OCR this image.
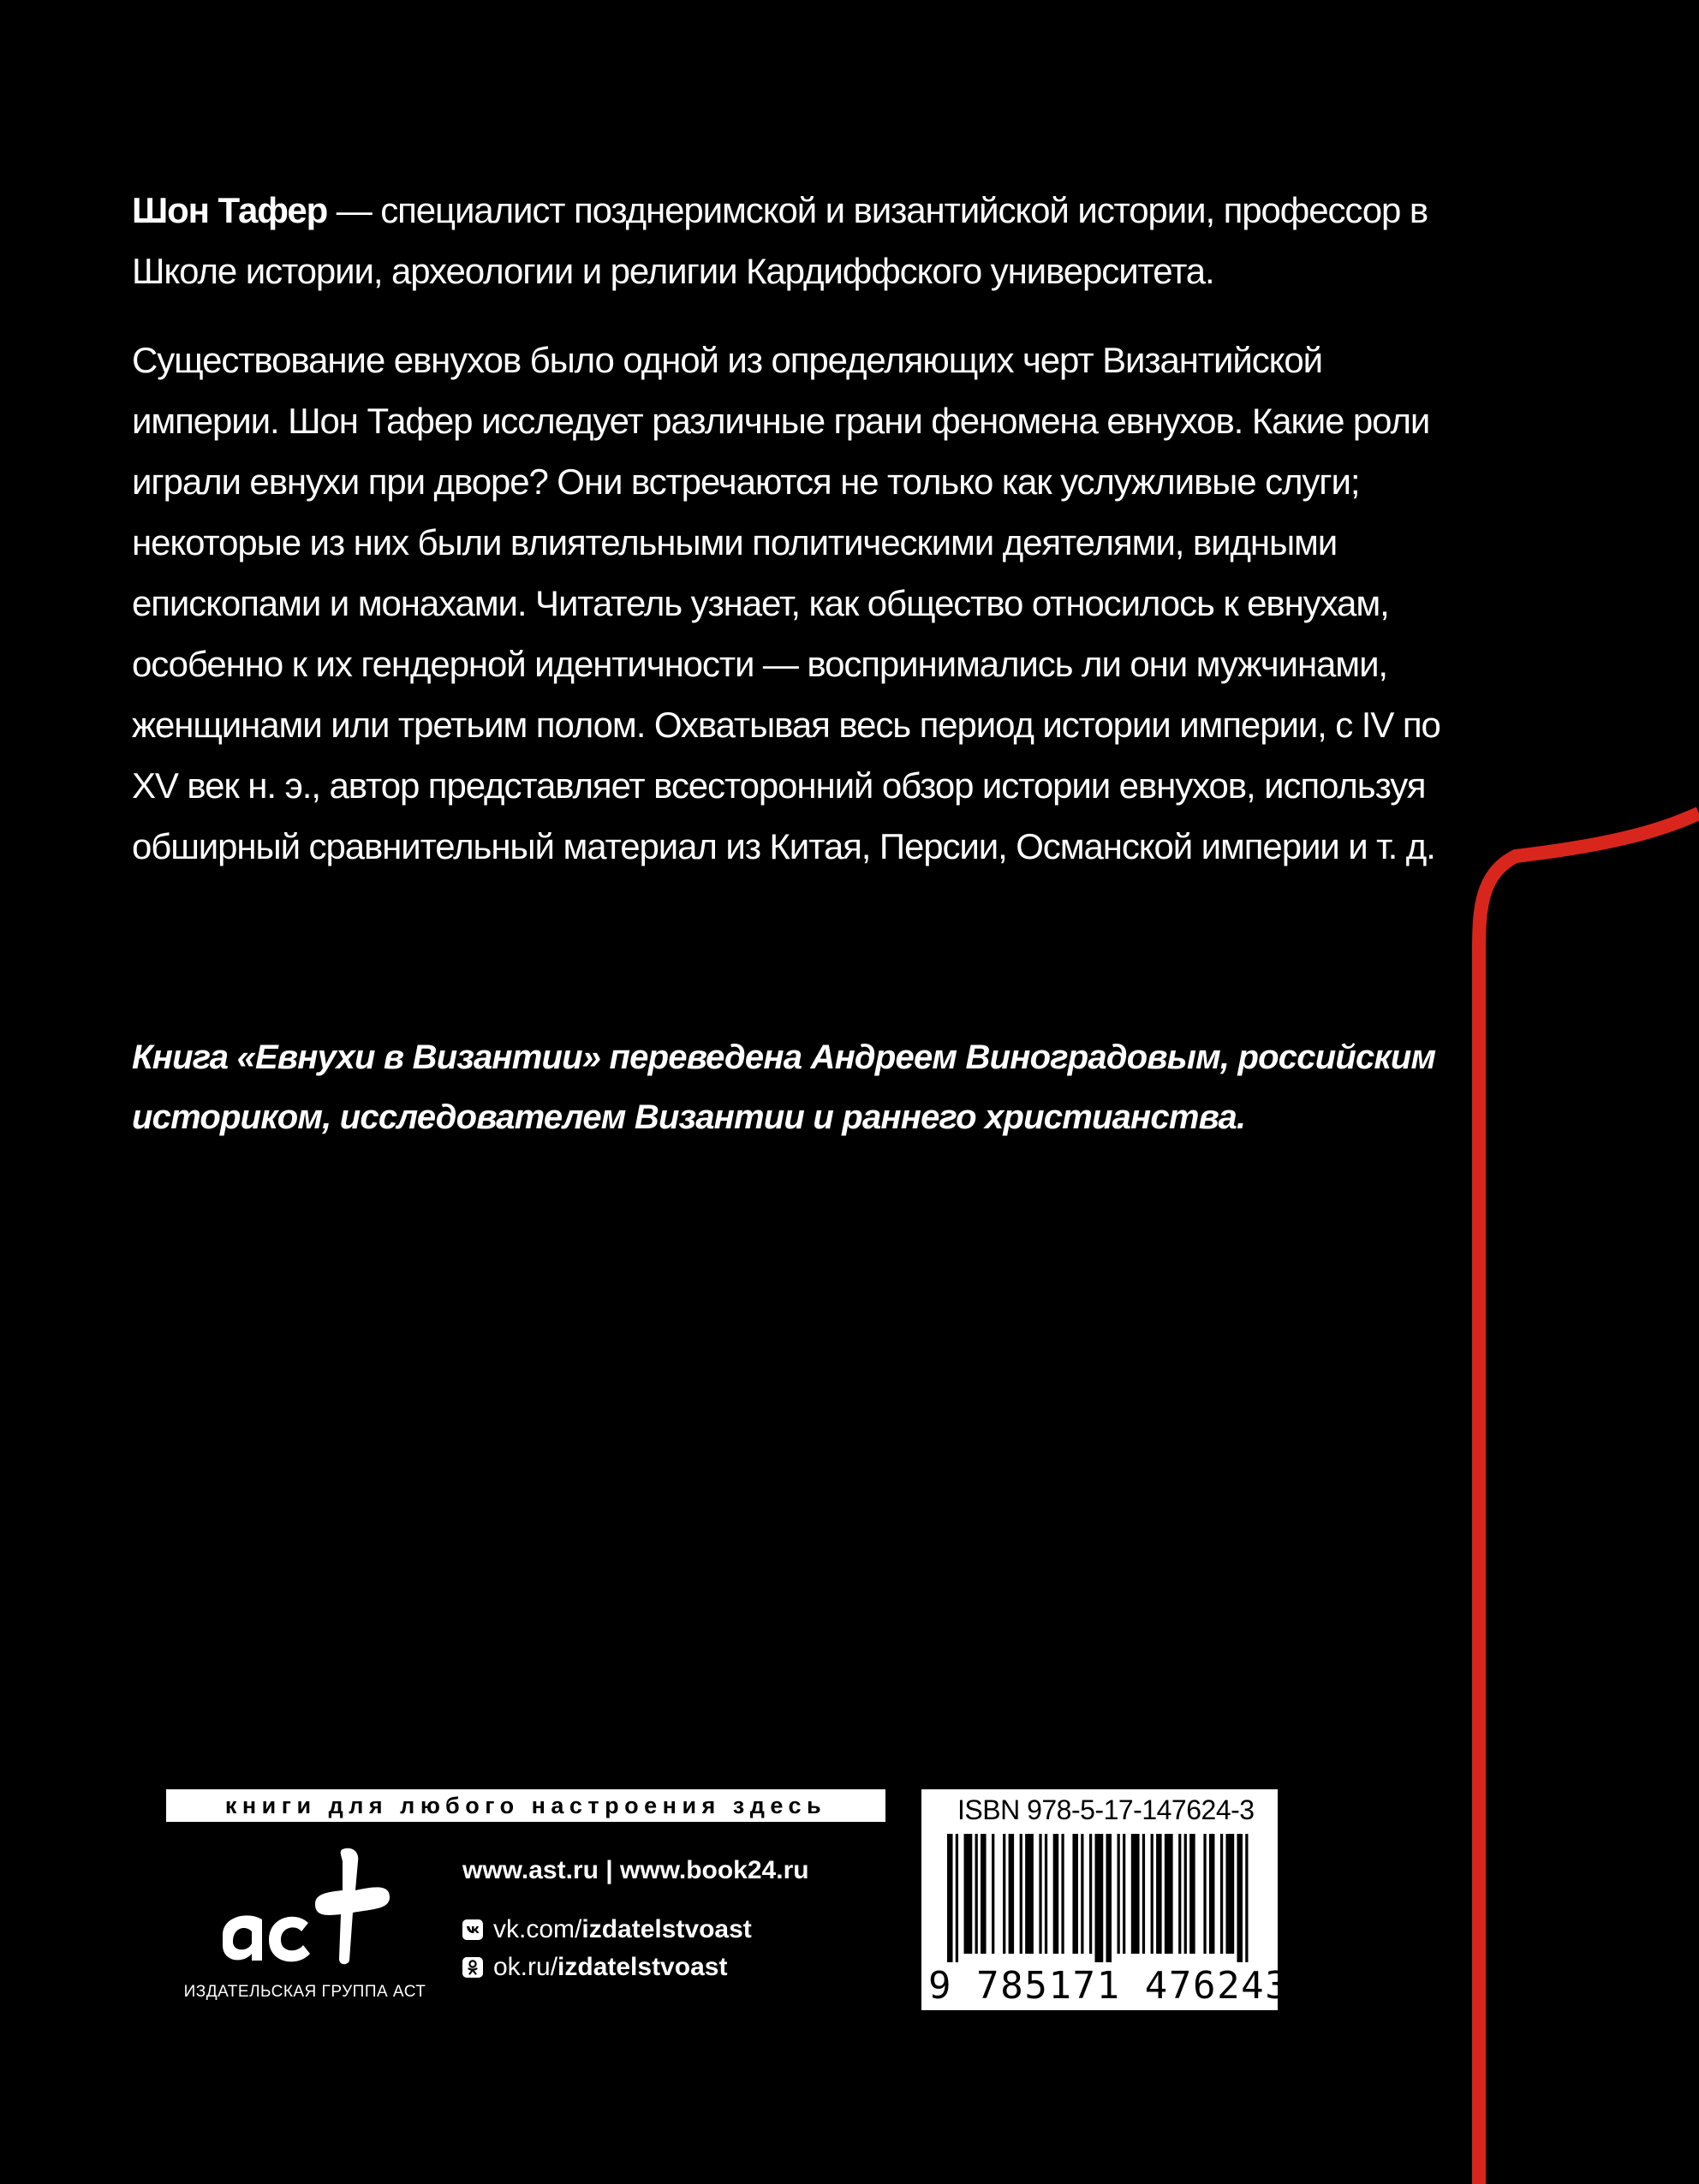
Шон Тафер — специалист позднеримской и византийской истории, профессор в Школе истории, археологии и религии Кардиффского университета.

Существование евнухов было одной из определяющих черт Византийской империи. Шон Тафер исследует различные грани феномена евнухов. Какие роли играли евнухи при дворе? Они встречаются не только как услужливые слуги; некоторые из них были влиятельными политическими деятелями, видными епископами и монахами. Читатель узнает, как общество относилось к евнухам, особенно к их гендерной идентичности — воспринимались ли они мужчинами, женщинами или третьим полом. Охватывая весь период истории империи, с IV по XV век н. э., автор представляет всесторонний обзор истории евнухов, используя обширный сравнительный материал из Китая, Персии, Османской империи и т. д.

Книга «Евнухи в Византии» переведена Андреем Виноградовым, российским историком, исследователем Византии и раннего христианства.

книги для любого настроения здесь
аст
ИЗДАТЕЛЬСКАЯ ГРУППА АСТ
www.ast.ru | www.book24.ru
vk.com/ izdatelstvoast
ok.ru/ izdatelstvoast
ISBN 978-5-17-147624-3
9 785171 476243
